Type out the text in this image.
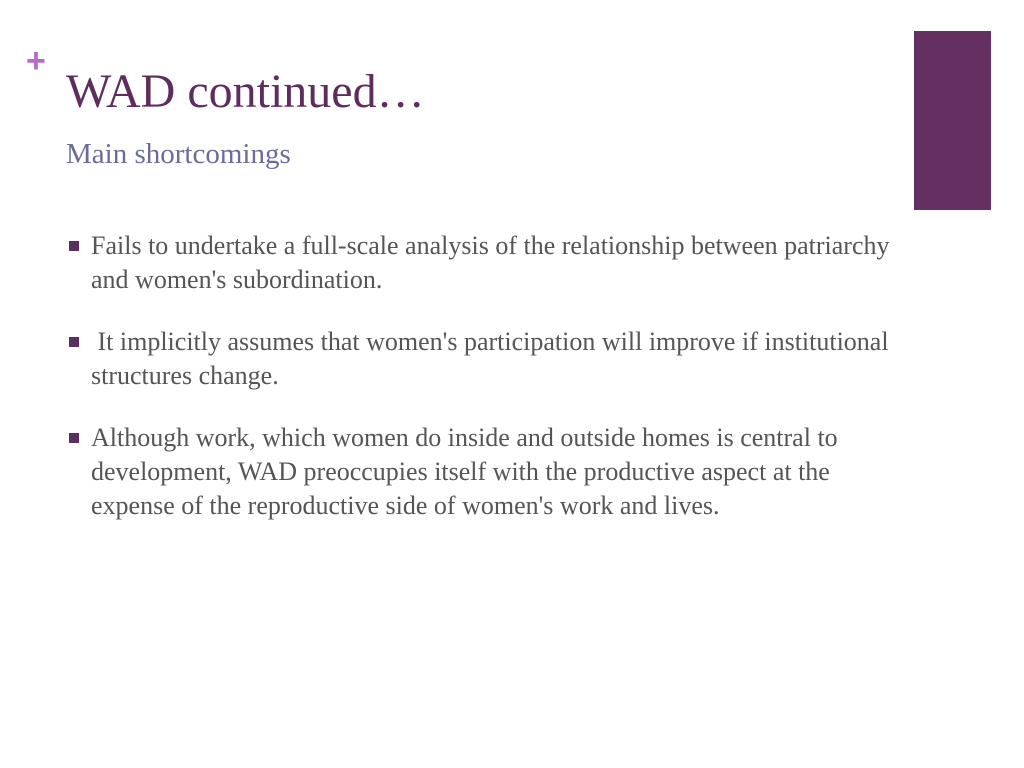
+
WAD continued…
Main shortcomings
Fails to undertake a full-scale analysis of the relationship between patriarchy and women's subordination.
It implicitly assumes that women's participation will improve if institutional structures change.
Although work, which women do inside and outside homes is central to development, WAD preoccupies itself with the productive aspect at the expense of the reproductive side of women's work and lives.
